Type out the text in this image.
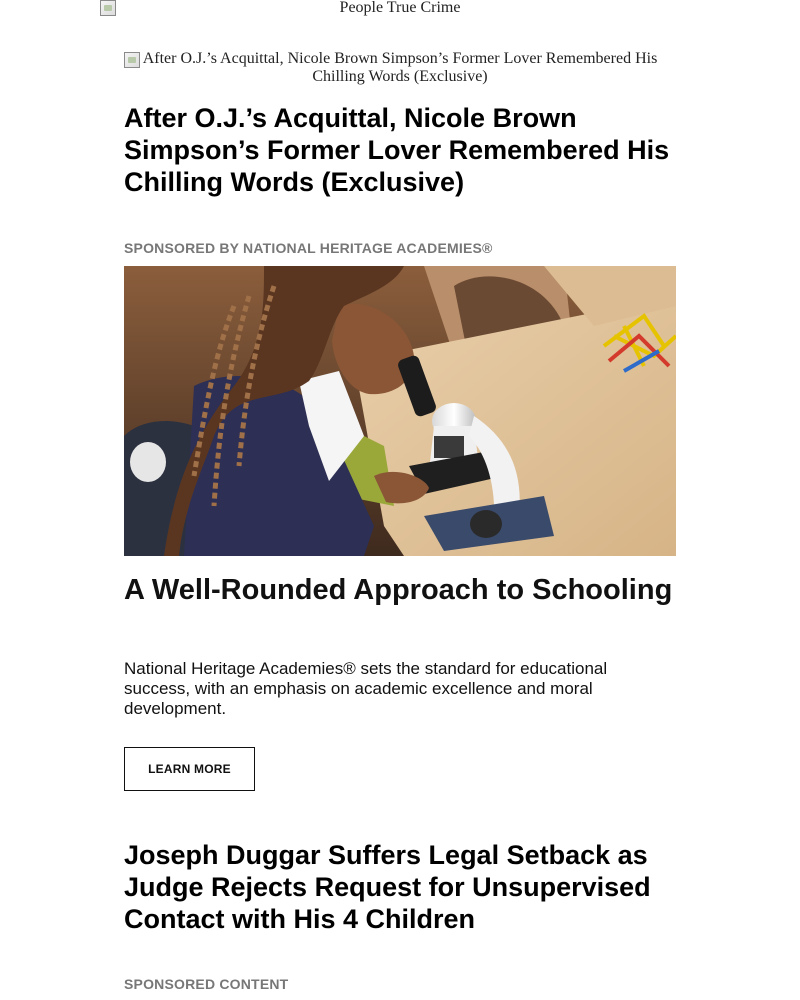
People True Crime
After O.J.’s Acquittal, Nicole Brown Simpson’s Former Lover Remembered His Chilling Words (Exclusive)
After O.J.’s Acquittal, Nicole Brown Simpson’s Former Lover Remembered His Chilling Words (Exclusive)
SPONSORED BY NATIONAL HERITAGE ACADEMIES®
A Well-Rounded Approach to Schooling

National Heritage Academies® sets the standard for educational success, with an emphasis on academic excellence and moral development.

LEARN MORE
Joseph Duggar Suffers Legal Setback as Judge Rejects Request for Unsupervised Contact with His 4 Children
SPONSORED CONTENT
